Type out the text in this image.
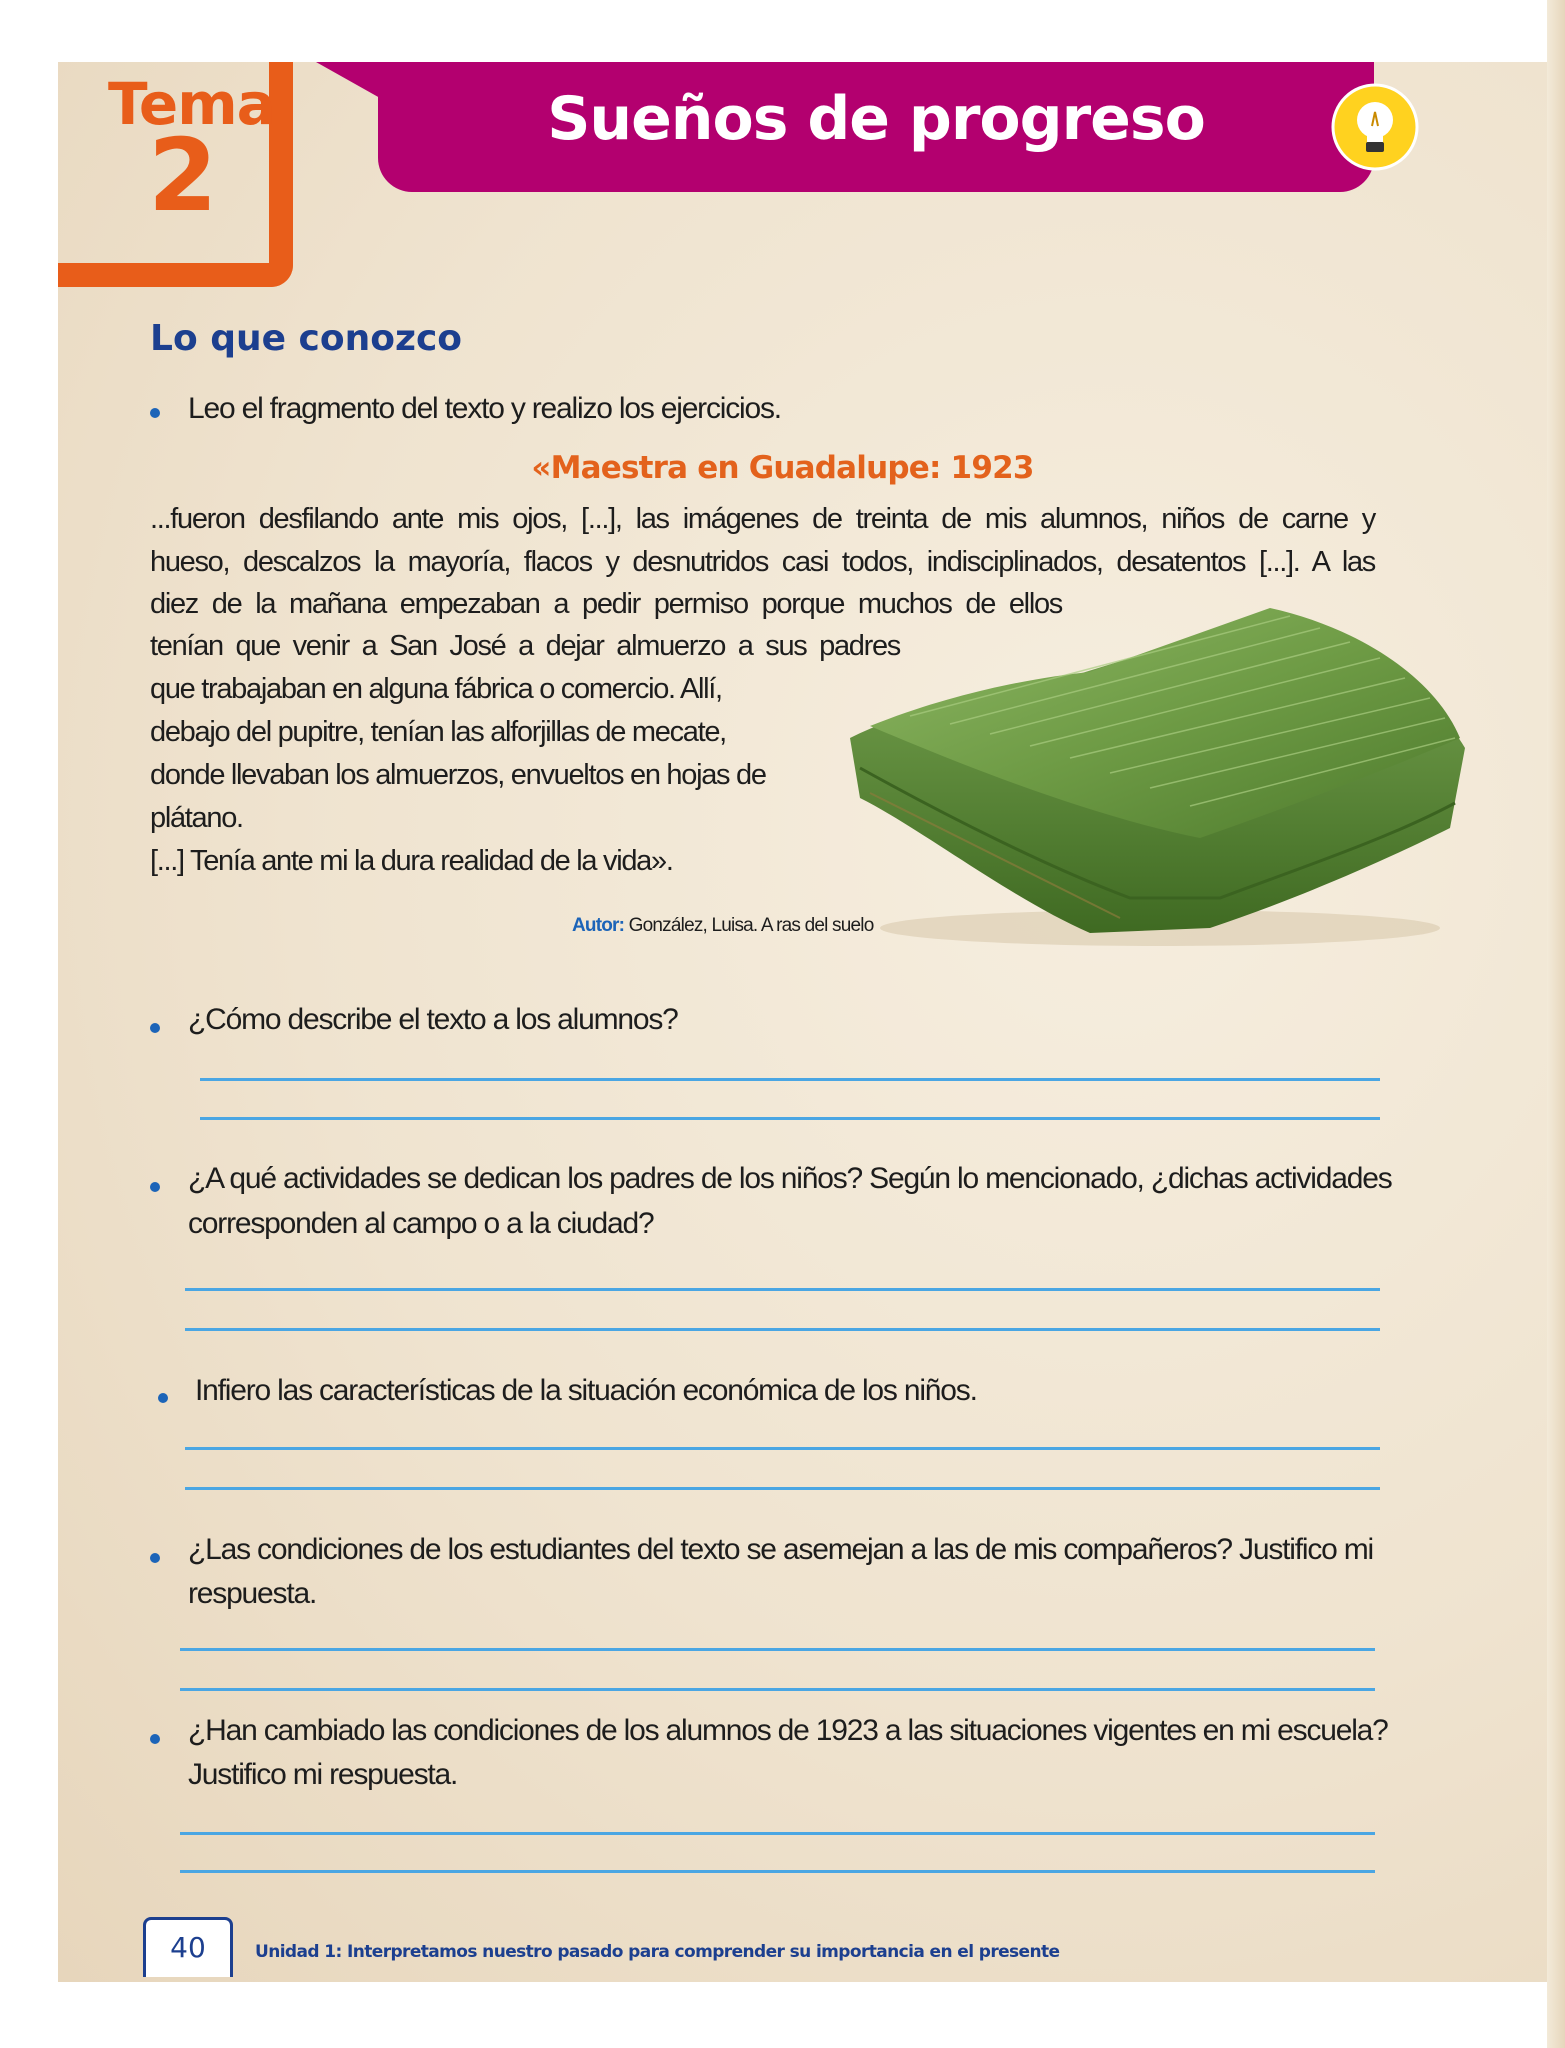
Tema
2	Sueños de progreso
Lo que conozco
Leo el fragmento del texto y realizo los ejercicios.
«Maestra en Guadalupe: 1923
...fueron desfilando ante mis ojos, [...], las imágenes de treinta de mis alumnos, niños de carne y
hueso, descalzos la mayoría, flacos y desnutridos casi todos, indisciplinados, desatentos [...]. A las
diez de la mañana empezaban a pedir permiso porque muchos de ellos
tenían que venir a San José a dejar almuerzo a sus padres
que trabajaban en alguna fábrica o comercio. Allí,
debajo del pupitre, tenían las alforjillas de mecate,
donde llevaban los almuerzos, envueltos en hojas de
plátano.
[...] Tenía ante mi la dura realidad de la vida».
Autor: González, Luisa. A ras del suelo
¿Cómo describe el texto a los alumnos?
¿A qué actividades se dedican los padres de los niños? Según lo mencionado, ¿dichas actividades
corresponden al campo o a la ciudad?
Infiero las características de la situación económica de los niños.
¿Las condiciones de los estudiantes del texto se asemejan a las de mis compañeros? Justifico mi
respuesta.
¿Han cambiado las condiciones de los alumnos de 1923 a las situaciones vigentes en mi escuela?
Justifico mi respuesta.
40	Unidad 1: Interpretamos nuestro pasado para comprender su importancia en el presente
